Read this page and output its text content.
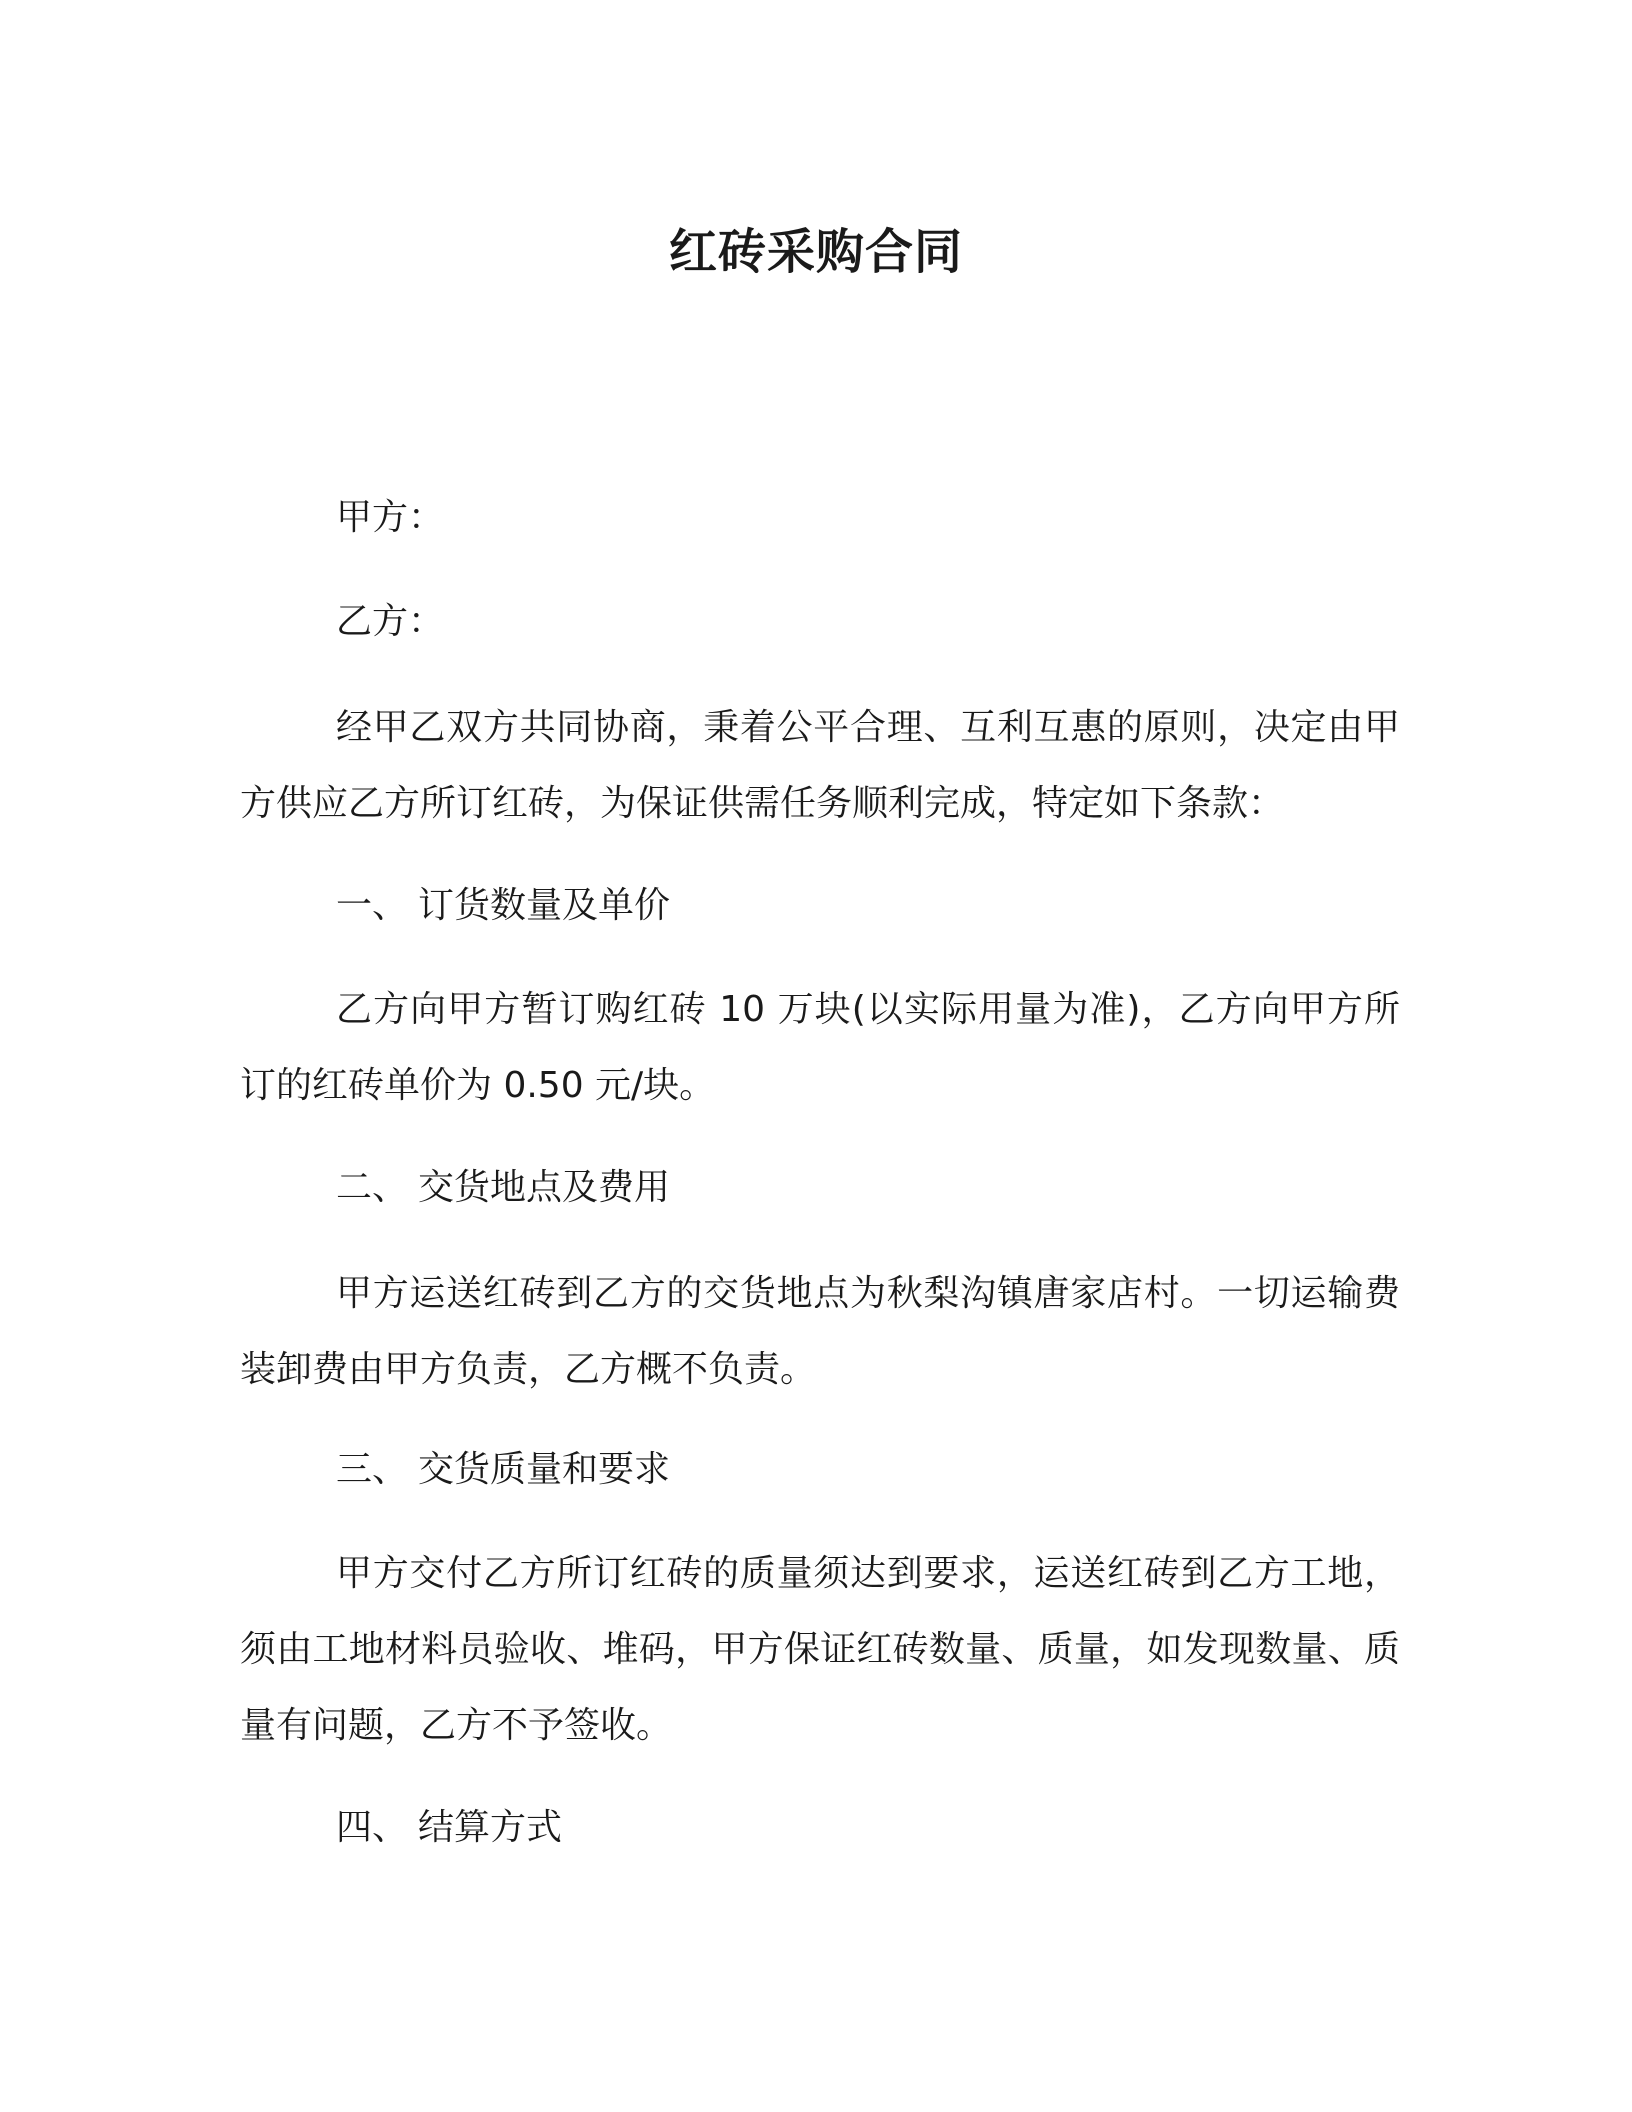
红砖采购合同

甲方：

乙方：

经甲乙双方共同协商，秉着公平合理、互利互惠的原则，决定由甲方供应乙方所订红砖，为保证供需任务顺利完成，特定如下条款：

一、 订货数量及单价

乙方向甲方暂订购红砖 10 万块(以实际用量为准)，乙方向甲方所订的红砖单价为 0.50 元/块。

二、 交货地点及费用

甲方运送红砖到乙方的交货地点为秋梨沟镇唐家店村。一切运输费装卸费由甲方负责，乙方概不负责。

三、 交货质量和要求

甲方交付乙方所订红砖的质量须达到要求，运送红砖到乙方工地，须由工地材料员验收、堆码，甲方保证红砖数量、质量，如发现数量、质量有问题，乙方不予签收。

四、 结算方式
